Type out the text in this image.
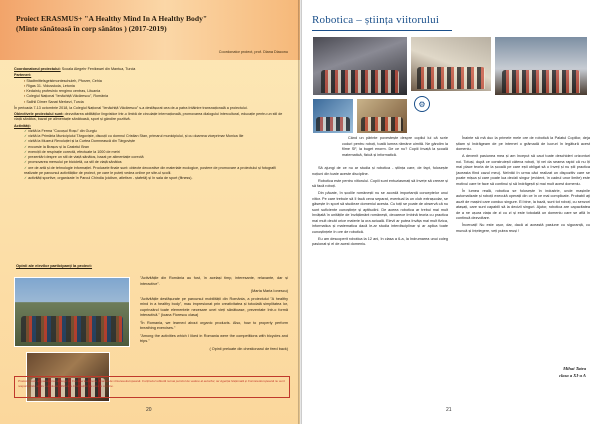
Proiect ERASMUS+ "A Healthy Mind In A Healthy Body"
(Minte sănătoasă în corp sănătos ) (2017-2019)
Coordonator proiect, prof. Diana Diaconu

Coordonatorul proiectului: Scoala Alegehr Fenikswei din Mantua, Turcia

Parteneri:

▪ Stadtmittelsgeistmonteschuleh, Pforzer, Cehia
▪ Rigas 31. Vidusskola, Letonia
▪ Kedainių profesinio rengimo centras, Lituania
▪ Colegiul Național "Ienăchiță Văcărescu", România
▪ Salihli Dimer Sanat Merkezi, Turcia

În perioada 7-13 octombrie 2018, la Colegiul Național "Ienăchiță Văcărescu" s-a desfășurat cea de-a patra întâlnire transnațională a proiectului.

Obiectivele proiectului sunt: dezvoltarea abilităților lingvistice într-o limbă de circulație internațională, promovarea dialogului intercultural, educație pentru un stil de viață sănătos, bazat pe alimentație sănătoasă, sport și gândire pozitivă.

Activități:

✓ vizită la Ferma "Cocoșul Roșu" din Gurgiu
✓ vizită la Primăria Municipiului Târgoviște, discuții cu domnul Cristian Stan, primarul municipiului, și cu doamna viceprimar Monica Ilie
✓ vizită la Muzeul Revoluției și la Curtea Domnească din Târgoviște
✓ excursie la Brașov și la Castelul Bran
✓ exerciții de respirație corectă, efectuate la 1000 de metri
✓ prezentări despre un stil de viață sănătos, bazat pe alimentație corectă
✓ promovarea mersului pe bicicletă, ca stil de viață sănătos
✓ ore de artă și de tehnologie informației. Produsele finale sunt: obiecte decorative din materiale ecologice, postere de promovare a proiectului și fotografii realizate pe parcursul activităților de proiect, pe care le puteți vedea online pe site-ul școlii.
✓ activități sportive, organizate în Parcul Chindia (ciclism, atletism - ștafetă) și în sala de sport (fitness).
Opinii ale elevilor participanți la proiect:

"Activitățile din România au fost, în același timp, interesante, relaxante, dar și interactive".

(Marta Maria Ionescu)

"Activitățile desfășurate pe parcursul mobilității din România, a proiectului "A healthy mind in a healthy body", mau impresionat prin creativitatea și totodată simplitatea lor, cuprinzând toate elementele necesare unei vieți sănătoase, prezentate într-o formă interactivă." (Ioana Florescu clasa)

"În Romania, we learned about organic products. Also, how to properly perform breathing exercises."

"Among the activities which I liked in Romania were the competitions with bicycles and trips."

( Opinii preluate din chestionarul de feed back)

Proiectul este un parteneriat strategic al Comisiei Europene, finanțat de Uniunea Europeană. Conținutul reflectă numai punctul de vedere al autorilor, iar Agenția Națională și Comisia Europeană nu sunt responsabile pentru eventuala utilizare a informațiilor pe care le conține.
20
Robotica – știința viitorului
⚙

Când un părinte povestește despre copilul lui că scrie coduri pentru roboți, toată lumea rămâne uimită. Ne gândim la filme SF, la buget enorm. De ce nu? Copiii învață la școală matematică, fizică și informatică.

Să ajungi de ce nu ar studia și robotica - știința care, de fapt, folosește noțiuni din toate aceste discipline.

Robotica este pentru viitorului. Copiii sunt entuziasmați să învețe să creeze și să facă roboți.

Din păcate, în școlile românești nu se acordă importanță conceptelor unui viitor. Pe care trebuie să îl facă ceva separat, eventual la un club extrașcolar, se găsește în sport să studieze domeniul acesta. Cu toții se poate de observă că nu sunt suficiente cunoștințe și aptitudini. De aceea robotica ar trebui mai mult învățată în unitățile de învățământ românești, deoarece îmbină teoria cu practica mai mult decât orice materie la ora actuală. Elevii ar putea învăța mai mult fizica, informatica și matematica dacă le-ar studia interdisciplinar și ar aplica toate cunoștințele în ore de robotică.

Eu am descoperit robotica la 12 ani, în clasa a 6-a, la îndrumarea unui coleg pasionat și el de acest domeniu.

Înainte să mă duc la primele mele ore de robotică la Palatul Copiilor, deja știam și îndrăgeam de pe internet o grămadă de lucruri în legătură acest domeniu.

A devenit pasiunea mea și am început să caut toate deschideri orizonturi noi. Totuși, după ce construiești câteva roboți, îți vei da seama rapid că nu îți mai place teoria de la școală pe care ești obligat să o înveți și nu știi practica (aceasta fiind cazul meu). Neîntâi în urma căci realizat un dispozitiv care se poate mișca și care poate lua decizii singur (evident, în cadrul unor limite) este motivul care te face să continui și să îndrăgești și mai mult acest domeniu.

În lumea reală, robotica se folosește în industrie, unde mașinile automatizate și roboții execută operații din ce în ce mai complicate. Probabil aţi auzit de mașini care conduc singure. Ei bine, la bază, sunt tot roboți, cu senzori atașați, care sunt capabili să ia decizii singuri. Ajutor, robotica are capacitatea de a ne ușura viața de zi cu zi și este totodată un domeniu care se află în continuă dezvoltare.

Încercați! Nu este ușor, dar, dacă ai această pasiune cu siguranță, cu muncă și înțelegere, veți putea reuși !

Mihai Tatea
clasa a XI-a A
21
